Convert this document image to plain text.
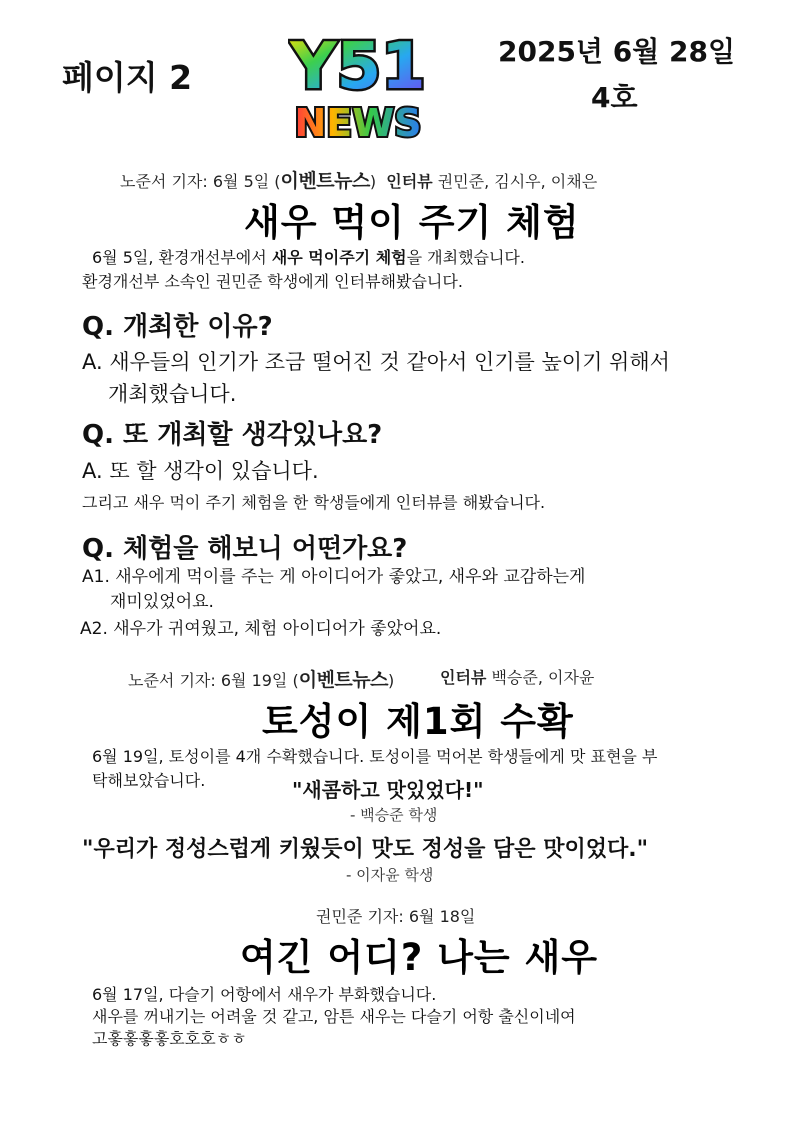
페이지 2 Y51
NEWS
2025년 6월 28일
4호
노준서 기자: 6월 5일 (이벤트뉴스) 인터뷰 권민준, 김시우, 이채은
새우 먹이 주기 체험
6월 5일, 환경개선부에서 새우 먹이주기 체험을 개최했습니다.
환경개선부 소속인 권민준 학생에게 인터뷰해봤습니다.
Q. 개최한 이유?
A. 새우들의 인기가 조금 떨어진 것 같아서 인기를 높이기 위해서
개최했습니다.
Q. 또 개최할 생각있나요?
A. 또 할 생각이 있습니다.
그리고 새우 먹이 주기 체험을 한 학생들에게 인터뷰를 해봤습니다.
Q. 체험을 해보니 어떤가요?
A1. 새우에게 먹이를 주는 게 아이디어가 좋았고, 새우와 교감하는게
재미있었어요.
A2. 새우가 귀여웠고, 체험 아이디어가 좋았어요.
노준서 기자: 6월 19일 (이벤트뉴스)	인터뷰 백승준, 이자윤
토성이 제1회 수확
6월 19일, 토성이를 4개 수확했습니다. 토성이를 먹어본 학생들에게 맛 표현을 부
탁해보았습니다.	"새콤하고 맛있었다!"
- 백승준 학생
"우리가 정성스럽게 키웠듯이 맛도 정성을 담은 맛이었다."
- 이자윤 학생
권민준 기자: 6월 18일
여긴 어디? 나는 새우
6월 17일, 다슬기 어항에서 새우가 부화했습니다.
새우를 꺼내기는 어려울 것 같고, 암튼 새우는 다슬기 어항 출신이네여
고홓홓홓홓호호호ㅎㅎ
